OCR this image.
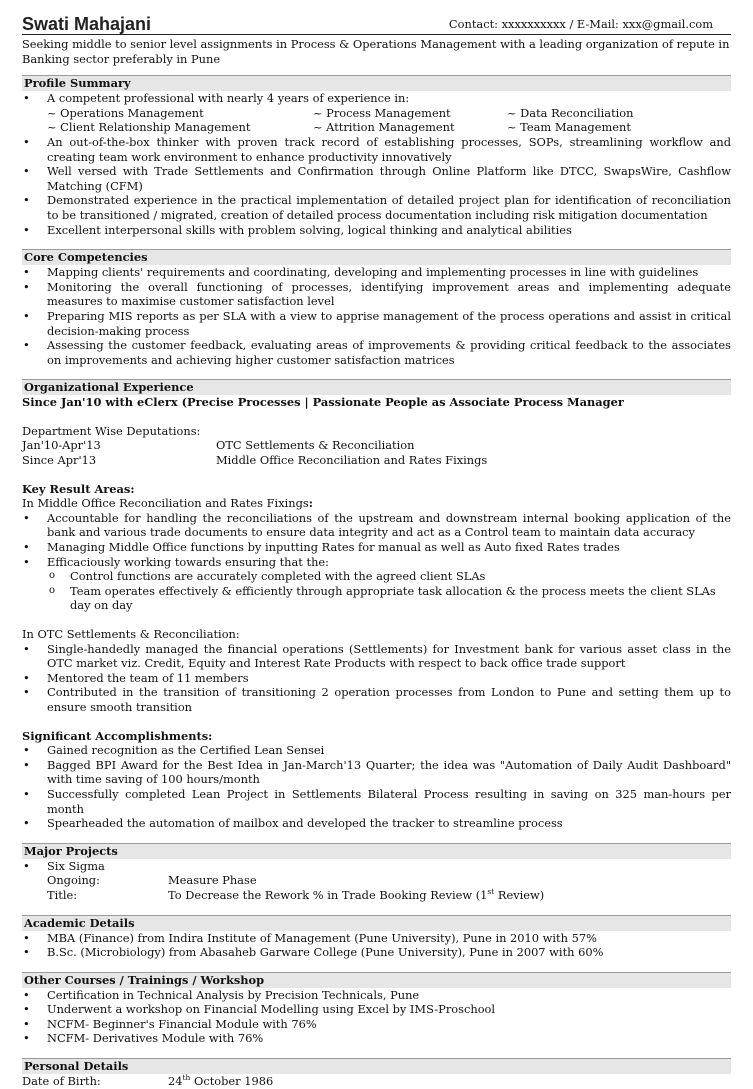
Swati Mahajani	Contact: xxxxxxxxxx / E-Mail: xxx@gmail.com
Seeking middle to senior level assignments in Process & Operations Management with a leading organization of repute in Banking sector preferably in Pune
Profile Summary
• A competent professional with nearly 4 years of experience in:
~ Operations Management	~ Process Management	~ Data Reconciliation
~ Client Relationship Management	~ Attrition Management	~ Team Management
• An out-of-the-box thinker with proven track record of establishing processes, SOPs, streamlining workflow and creating team work environment to enhance productivity innovatively
• Well versed with Trade Settlements and Confirmation through Online Platform like DTCC, SwapsWire, Cashflow Matching (CFM)
• Demonstrated experience in the practical implementation of detailed project plan for identification of reconciliation to be transitioned / migrated, creation of detailed process documentation including risk mitigation documentation
• Excellent interpersonal skills with problem solving, logical thinking and analytical abilities
Core Competencies
• Mapping clients' requirements and coordinating, developing and implementing processes in line with guidelines
• Monitoring the overall functioning of processes, identifying improvement areas and implementing adequate measures to maximise customer satisfaction level
• Preparing MIS reports as per SLA with a view to apprise management of the process operations and assist in critical decision-making process
• Assessing the customer feedback, evaluating areas of improvements & providing critical feedback to the associates on improvements and achieving higher customer satisfaction matrices
Organizational Experience
Since Jan'10 with eClerx (Precise Processes | Passionate People as Associate Process Manager
Department Wise Deputations:
Jan'10-Apr'13	OTC Settlements & Reconciliation
Since Apr'13	Middle Office Reconciliation and Rates Fixings
Key Result Areas:
In Middle Office Reconciliation and Rates Fixings:
• Accountable for handling the reconciliations of the upstream and downstream internal booking application of the bank and various trade documents to ensure data integrity and act as a Control team to maintain data accuracy
• Managing Middle Office functions by inputting Rates for manual as well as Auto fixed Rates trades
• Efficaciously working towards ensuring that the:
o Control functions are accurately completed with the agreed client SLAs
o Team operates effectively & efficiently through appropriate task allocation & the process meets the client SLAs day on day
In OTC Settlements & Reconciliation:
• Single-handedly managed the financial operations (Settlements) for Investment bank for various asset class in the OTC market viz. Credit, Equity and Interest Rate Products with respect to back office trade support
• Mentored the team of 11 members
• Contributed in the transition of transitioning 2 operation processes from London to Pune and setting them up to ensure smooth transition
Significant Accomplishments:
• Gained recognition as the Certified Lean Sensei
• Bagged BPI Award for the Best Idea in Jan-March'13 Quarter; the idea was "Automation of Daily Audit Dashboard" with time saving of 100 hours/month
• Successfully completed Lean Project in Settlements Bilateral Process resulting in saving on 325 man-hours per month
• Spearheaded the automation of mailbox and developed the tracker to streamline process
Major Projects
• Six Sigma
Ongoing:	Measure Phase
Title:	To Decrease the Rework % in Trade Booking Review (1st Review)
Academic Details
• MBA (Finance) from Indira Institute of Management (Pune University), Pune in 2010 with 57%
• B.Sc. (Microbiology) from Abasaheb Garware College (Pune University), Pune in 2007 with 60%
Other Courses / Trainings / Workshop
• Certification in Technical Analysis by Precision Technicals, Pune
• Underwent a workshop on Financial Modelling using Excel by IMS-Proschool
• NCFM- Beginner's Financial Module with 76%
• NCFM- Derivatives Module with 76%
Personal Details
Date of Birth:	24th October 1986
